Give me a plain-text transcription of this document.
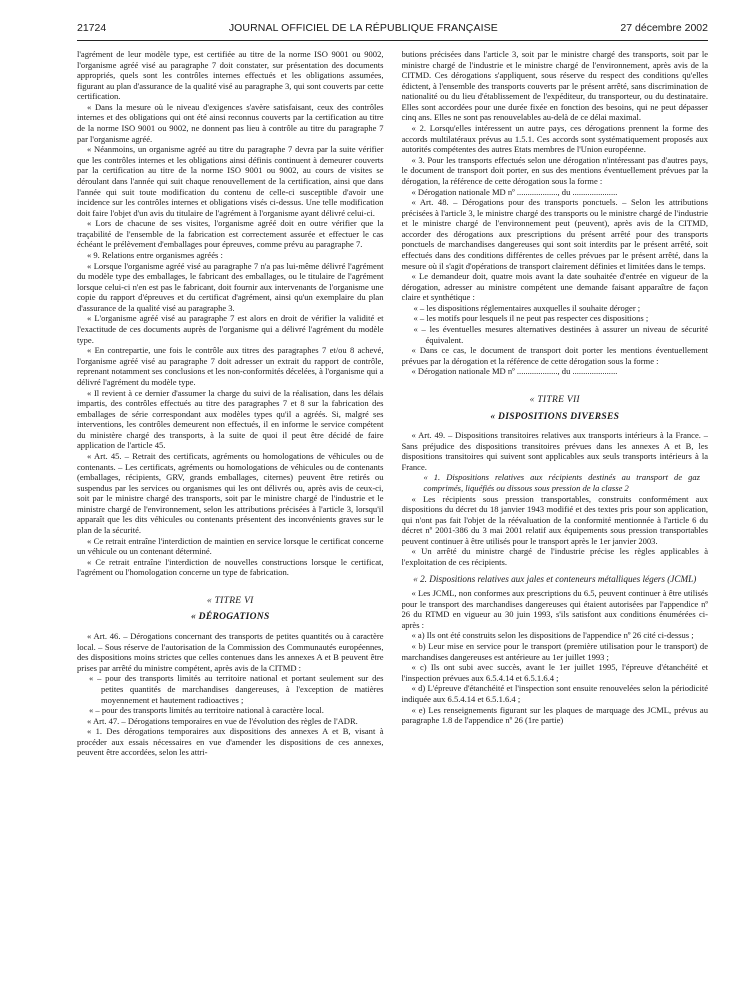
21724	JOURNAL OFFICIEL DE LA RÉPUBLIQUE FRANÇAISE	27 décembre 2002

l'agrément de leur modèle type, est certifiée au titre de la norme ISO 9001 ou 9002, l'organisme agréé visé au paragraphe 7 doit constater, sur présentation des documents appropriés, quels sont les contrôles internes effectués et les obligations assumées, figurant au plan d'assurance de la qualité visé au paragraphe 3, qui sont couverts par cette certification.

« Dans la mesure où le niveau d'exigences s'avère satisfaisant, ceux des contrôles internes et des obligations qui ont été ainsi reconnus couverts par la certification au titre de la norme ISO 9001 ou 9002, ne donnent pas lieu à contrôle au titre du paragraphe 7 par l'organisme agréé.

« Néanmoins, un organisme agréé au titre du paragraphe 7 devra par la suite vérifier que les contrôles internes et les obligations ainsi définis continuent à demeurer couverts par la certification au titre de la norme ISO 9001 ou 9002, au cours de visites se déroulant dans l'année qui suit chaque renouvellement de la certification, ainsi que dans l'année qui suit toute modification du contenu de celle-ci susceptible d'avoir une incidence sur les contrôles internes et obligations visés ci-dessus. Une telle modification doit faire l'objet d'un avis du titulaire de l'agrément à l'organisme ayant délivré celui-ci.

« Lors de chacune de ses visites, l'organisme agréé doit en outre vérifier que la traçabilité de l'ensemble de la fabrication est correctement assurée et effectuer le cas échéant le prélèvement d'emballages pour épreuves, comme prévu au paragraphe 7.

« 9. Relations entre organismes agréés :

« Lorsque l'organisme agréé visé au paragraphe 7 n'a pas lui-même délivré l'agrément du modèle type des emballages, le fabricant des emballages, ou le titulaire de l'agrément lorsque celui-ci n'en est pas le fabricant, doit fournir aux intervenants de l'organisme une copie du rapport d'épreuves et du certificat d'agrément, ainsi qu'un exemplaire du plan d'assurance de la qualité visé au paragraphe 3.

« L'organisme agréé visé au paragraphe 7 est alors en droit de vérifier la validité et l'exactitude de ces documents auprès de l'organisme qui a délivré l'agrément du modèle type.

« En contrepartie, une fois le contrôle aux titres des paragraphes 7 et/ou 8 achevé, l'organisme agréé visé au paragraphe 7 doit adresser un extrait du rapport de contrôle, reprenant notamment ses conclusions et les non-conformités décelées, à l'organisme qui a délivré l'agrément du modèle type.

« Il revient à ce dernier d'assumer la charge du suivi de la réalisation, dans les délais impartis, des contrôles effectués au titre des paragraphes 7 et 8 sur la fabrication des emballages de série correspondant aux modèles types qu'il a agréés. Si, malgré ses interventions, les contrôles demeurent non effectués, il en informe le service compétent du ministère chargé des transports, à la suite de quoi il peut être décidé de faire application de l'article 45.

« Art. 45. – Retrait des certificats, agréments ou homologations de véhicules ou de contenants. – Les certificats, agréments ou homologations de véhicules ou de contenants (emballages, récipients, GRV, grands emballages, citernes) peuvent être retirés ou suspendus par les services ou organismes qui les ont délivrés ou, après avis de ceux-ci, soit par le ministre chargé des transports, soit par le ministre chargé de l'industrie et le ministre chargé de l'environnement, selon les attributions précisées à l'article 3, lorsqu'il apparaît que les dits véhicules ou contenants présentent des inconvénients graves sur le plan de la sécurité.

« Ce retrait entraîne l'interdiction de maintien en service lorsque le certificat concerne un véhicule ou un contenant déterminé.

« Ce retrait entraîne l'interdiction de nouvelles constructions lorsque le certificat, l'agrément ou l'homologation concerne un type de fabrication.

« TITRE VI

« DÉROGATIONS

« Art. 46. – Dérogations concernant des transports de petites quantités ou à caractère local. – Sous réserve de l'autorisation de la Commission des Communautés européennes, des dispositions moins strictes que celles contenues dans les annexes A et B peuvent être prises par arrêté du ministre compétent, après avis de la CITMD :

« – pour des transports limités au territoire national et portant seulement sur des petites quantités de marchandises dangereuses, à l'exception de matières moyennement et hautement radioactives ;

« – pour des transports limités au territoire national à caractère local.

« Art. 47. – Dérogations temporaires en vue de l'évolution des règles de l'ADR.

« 1. Des dérogations temporaires aux dispositions des annexes A et B, visant à procéder aux essais nécessaires en vue d'amender les dispositions de ces annexes, peuvent être accordées, selon les attri-

butions précisées dans l'article 3, soit par le ministre chargé des transports, soit par le ministre chargé de l'industrie et le ministre chargé de l'environnement, après avis de la CITMD. Ces dérogations s'appliquent, sous réserve du respect des conditions qu'elles édictent, à l'ensemble des transports couverts par le présent arrêté, sans discrimination de nationalité ou du lieu d'établissement de l'expéditeur, du transporteur, ou du destinataire. Elles sont accordées pour une durée fixée en fonction des besoins, qui ne peut dépasser cinq ans. Elles ne sont pas renouvelables au-delà de ce délai maximal.

« 2. Lorsqu'elles intéressent un autre pays, ces dérogations prennent la forme des accords multilatéraux prévus au 1.5.1. Ces accords sont systématiquement proposés aux autorités compétentes des autres Etats membres de l'Union européenne.

« 3. Pour les transports effectués selon une dérogation n'intéressant pas d'autres pays, le document de transport doit porter, en sus des mentions éventuellement prévues par la dérogation, la référence de cette dérogation sous la forme :

« Dérogation nationale MD nº ..................., du .....................

« Art. 48. – Dérogations pour des transports ponctuels. – Selon les attributions précisées à l'article 3, le ministre chargé des transports ou le ministre chargé de l'industrie et le ministre chargé de l'environnement peut (peuvent), après avis de la CITMD, accorder des dérogations aux prescriptions du présent arrêté pour des transports ponctuels de marchandises dangereuses qui sont soit interdits par le présent arrêté, soit effectués dans des conditions différentes de celles prévues par le présent arrêté, dans la mesure où il s'agit d'opérations de transport clairement définies et limitées dans le temps.

« Le demandeur doit, quatre mois avant la date souhaitée d'entrée en vigueur de la dérogation, adresser au ministre compétent une demande faisant apparaître de façon claire et synthétique :

« – les dispositions réglementaires auxquelles il souhaite déroger ;

« – les motifs pour lesquels il ne peut pas respecter ces dispositions ;

« – les éventuelles mesures alternatives destinées à assurer un niveau de sécurité équivalent.

« Dans ce cas, le document de transport doit porter les mentions éventuellement prévues par la dérogation et la référence de cette dérogation sous la forme :

« Dérogation nationale MD nº ..................., du .....................

« TITRE VII

« DISPOSITIONS DIVERSES

« Art. 49. – Dispositions transitoires relatives aux transports intérieurs à la France. – Sans préjudice des dispositions transitoires prévues dans les annexes A et B, les dispositions transitoires qui suivent sont applicables aux seuls transports intérieurs à la France.

« 1. Dispositions relatives aux récipients destinés au transport de gaz comprimés, liquéfiés ou dissous sous pression de la classe 2

« Les récipients sous pression transportables, construits conformément aux dispositions du décret du 18 janvier 1943 modifié et des textes pris pour son application, qui n'ont pas fait l'objet de la réévaluation de la conformité mentionnée à l'article 6 du décret nº 2001-386 du 3 mai 2001 relatif aux équipements sous pression transportables peuvent continuer à être utilisés pour le transport après le 1er janvier 2003.

« Un arrêté du ministre chargé de l'industrie précise les règles applicables à l'exploitation de ces récipients.

« 2. Dispositions relatives aux jales et conteneurs métalliques légers (JCML)

« Les JCML, non conformes aux prescriptions du 6.5, peuvent continuer à être utilisés pour le transport des marchandises dangereuses qui étaient autorisées par l'appendice nº 26 du RTMD en vigueur au 30 juin 1993, s'ils satisfont aux conditions énumérées ci-après :

« a) Ils ont été construits selon les dispositions de l'appendice nº 26 cité ci-dessus ;

« b) Leur mise en service pour le transport (première utilisation pour le transport) de marchandises dangereuses est antérieure au 1er juillet 1993 ;

« c) Ils ont subi avec succès, avant le 1er juillet 1995, l'épreuve d'étanchéité et l'inspection prévues aux 6.5.4.14 et 6.5.1.6.4 ;

« d) L'épreuve d'étanchéité et l'inspection sont ensuite renouvelées selon la périodicité indiquée aux 6.5.4.14 et 6.5.1.6.4 ;

« e) Les renseignements figurant sur les plaques de marquage des JCML, prévus au paragraphe 1.8 de l'appendice nº 26 (1re partie)
